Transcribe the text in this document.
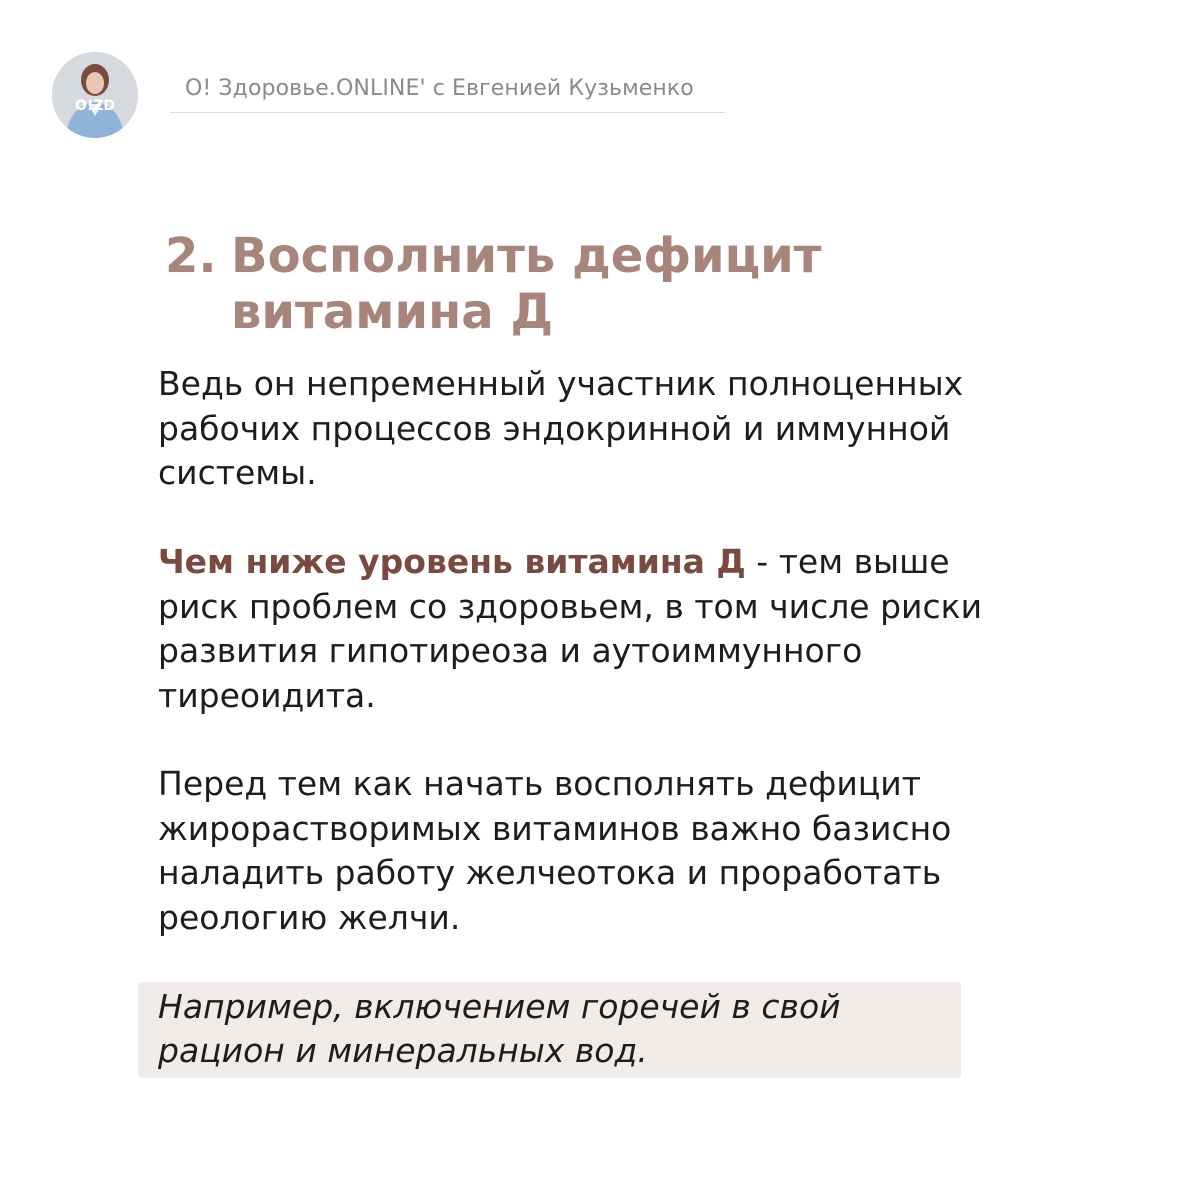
O!ZD
О! Здоровье.ONLINE' с Евгенией Кузьменко
2. Восполнить дефицит
витамина Д
Ведь он непременный участник полноценных рабочих процессов эндокринной и иммунной системы.
Чем ниже уровень витамина Д - тем выше риск проблем со здоровьем, в том числе риски развития гипотиреоза и аутоиммунного тиреоидита.
Перед тем как начать восполнять дефицит жирорастворимых витаминов важно базисно наладить работу желчеотока и проработать реологию желчи.
Например, включением горечей в свой рацион и минеральных вод.
